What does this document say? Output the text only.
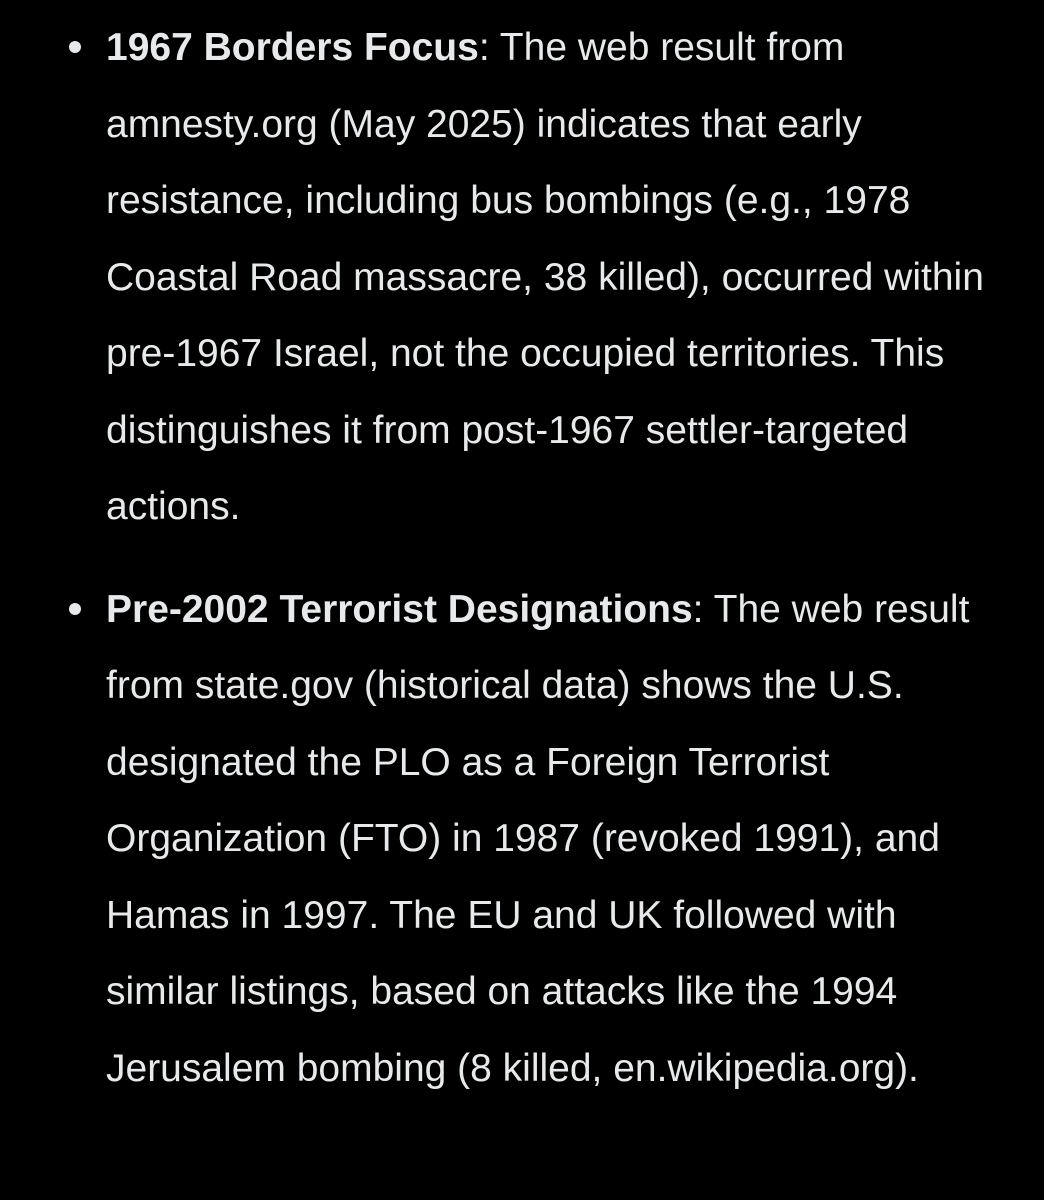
1967 Borders Focus: The web result from amnesty.org (May 2025) indicates that early resistance, including bus bombings (e.g., 1978 Coastal Road massacre, 38 killed), occurred within pre-1967 Israel, not the occupied territories. This distinguishes it from post-1967 settler-targeted actions.
Pre-2002 Terrorist Designations: The web result from state.gov (historical data) shows the U.S. designated the PLO as a Foreign Terrorist Organization (FTO) in 1987 (revoked 1991), and Hamas in 1997. The EU and UK followed with similar listings, based on attacks like the 1994 Jerusalem bombing (8 killed, en.wikipedia.org).
